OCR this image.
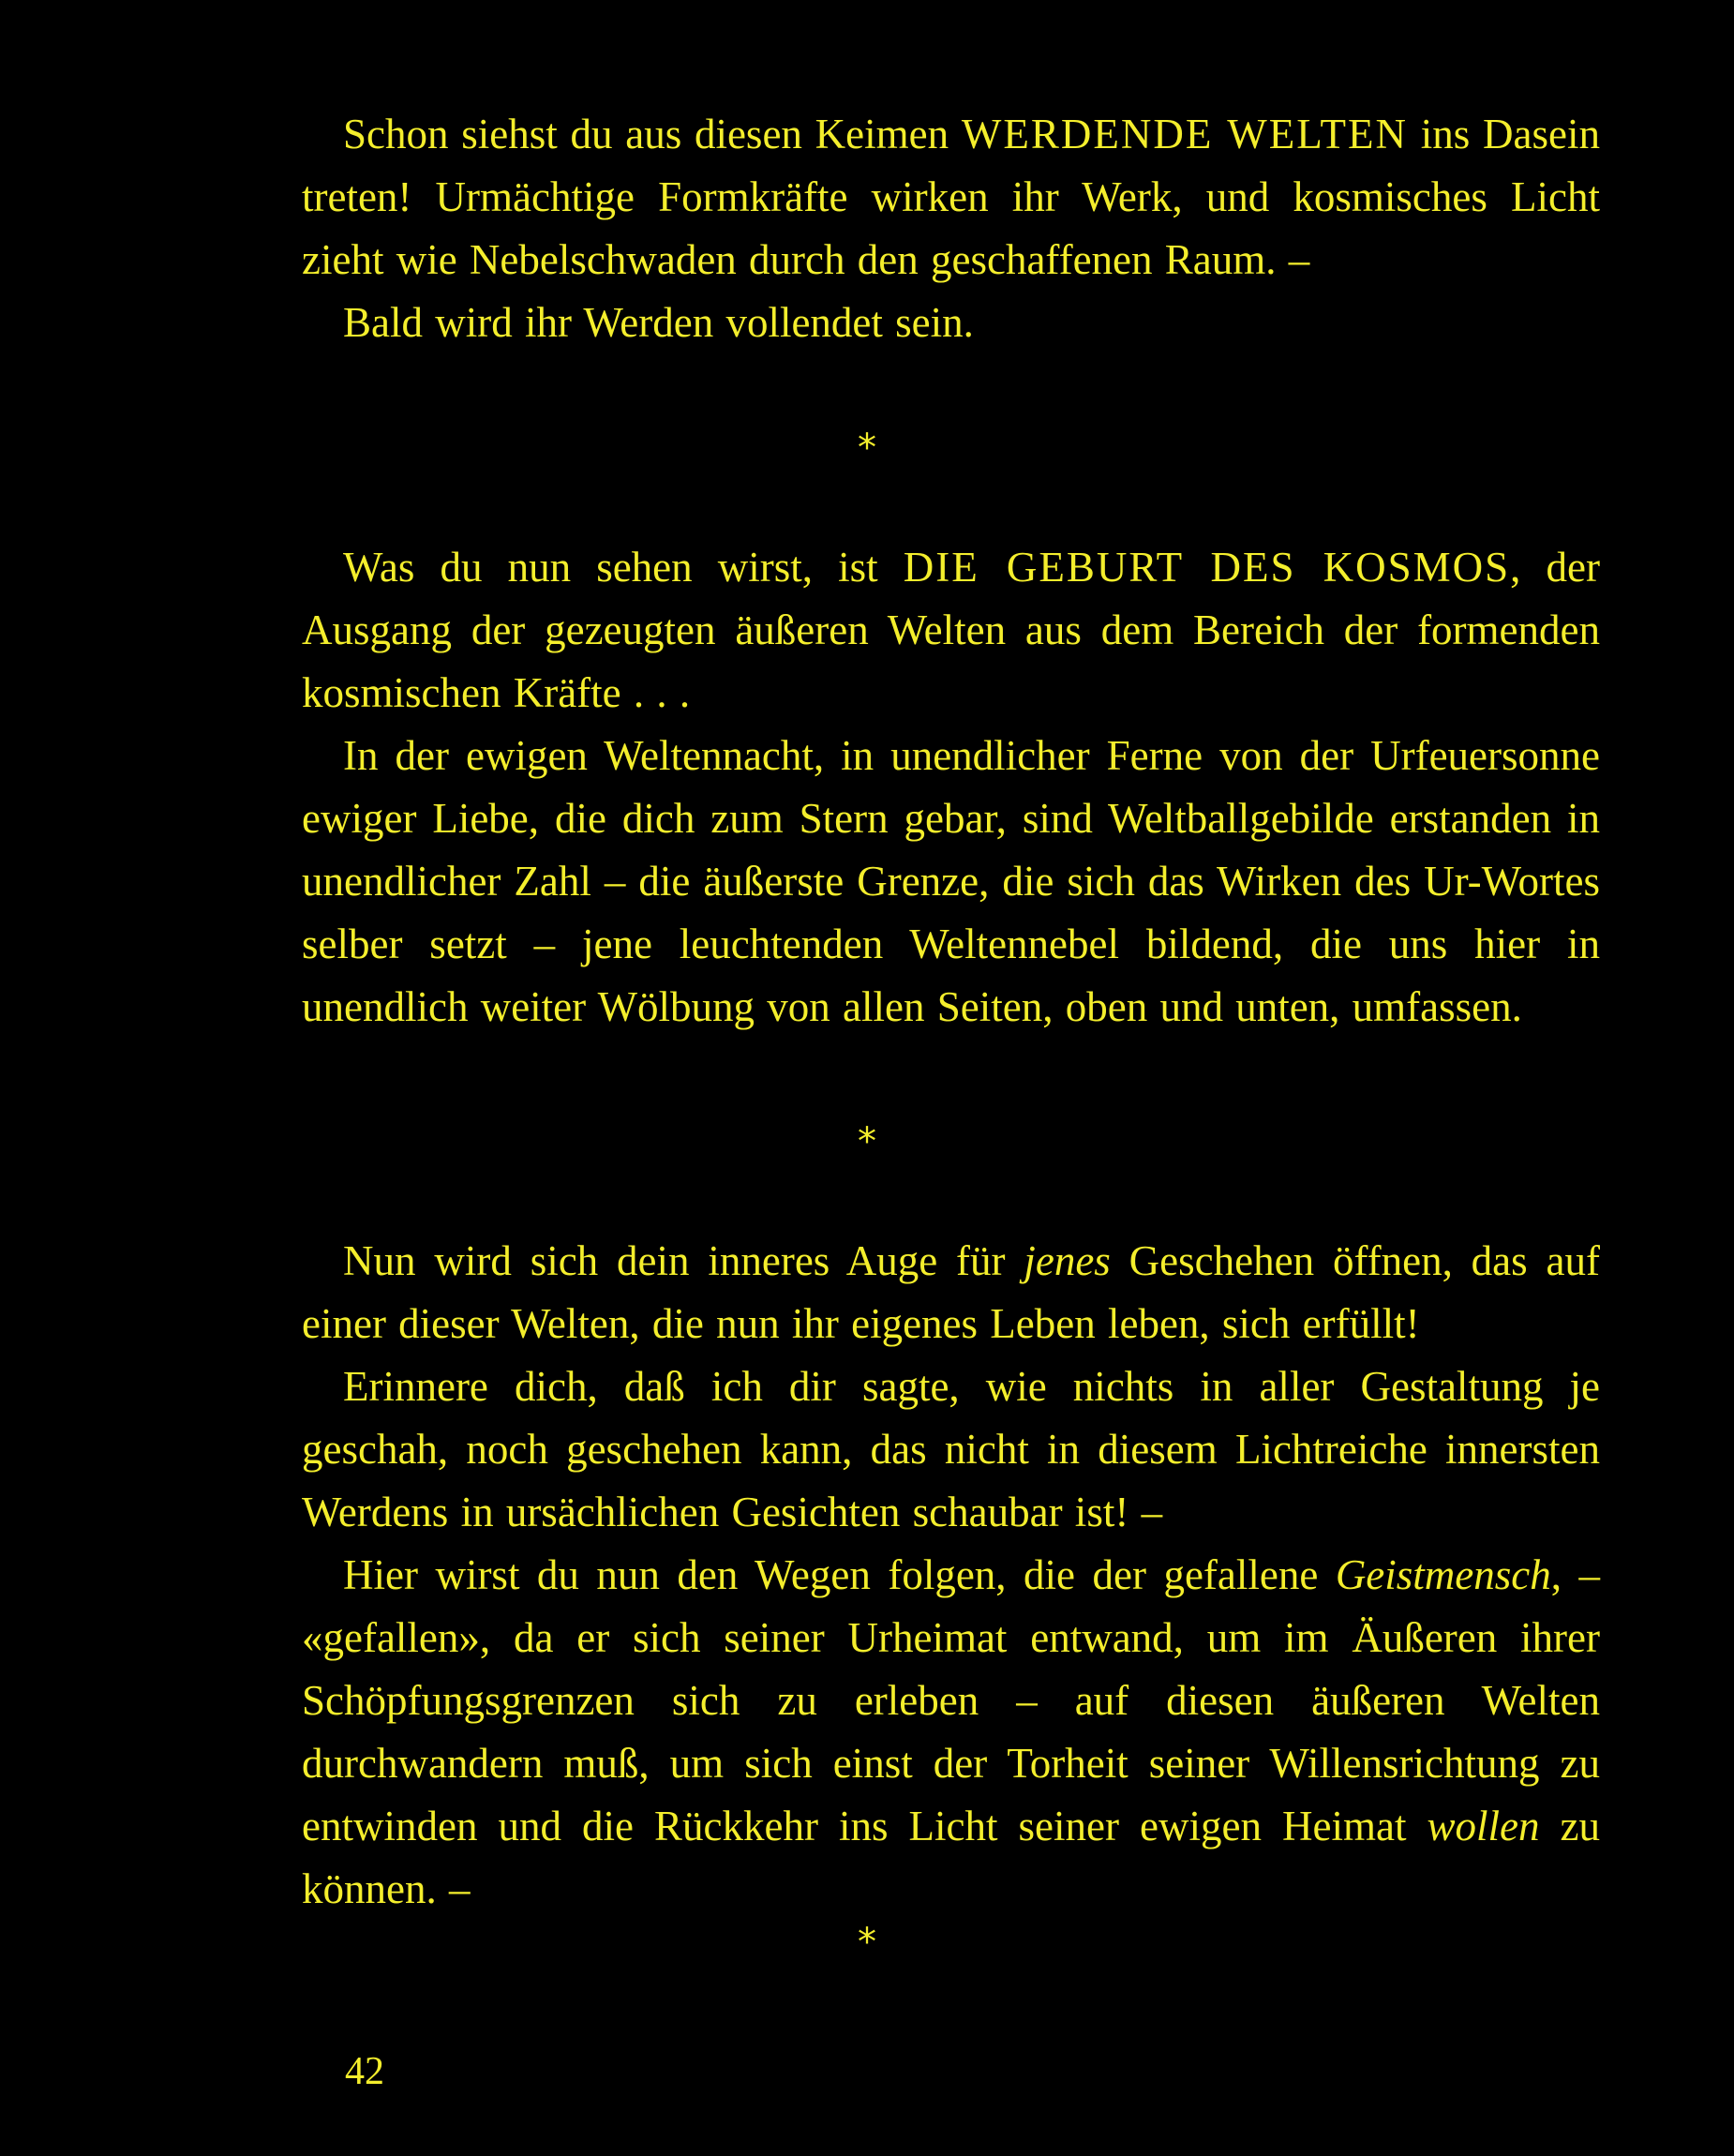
Schon siehst du aus diesen Keimen WERDENDE WELTEN ins Dasein treten! Urmächtige Formkräfte wirken ihr Werk, und kosmisches Licht zieht wie Nebelschwaden durch den geschaffenen Raum. –

Bald wird ihr Werden vollendet sein.

*

Was du nun sehen wirst, ist DIE GEBURT DES KOSMOS, der Ausgang der gezeugten äußeren Welten aus dem Bereich der formenden kosmischen Kräfte . . .

In der ewigen Weltennacht, in unendlicher Ferne von der Urfeuersonne ewiger Liebe, die dich zum Stern gebar, sind Weltballgebilde erstanden in unendlicher Zahl – die äußerste Grenze, die sich das Wirken des Ur-Wortes selber setzt – jene leuchtenden Weltennebel bildend, die uns hier in unendlich weiter Wölbung von allen Seiten, oben und unten, umfassen.

*

Nun wird sich dein inneres Auge für jenes Geschehen öffnen, das auf einer dieser Welten, die nun ihr eigenes Leben leben, sich erfüllt!

Erinnere dich, daß ich dir sagte, wie nichts in aller Gestaltung je geschah, noch geschehen kann, das nicht in diesem Lichtreiche innersten Werdens in ursächlichen Gesichten schaubar ist! –

Hier wirst du nun den Wegen folgen, die der gefallene Geistmensch, – «gefallen», da er sich seiner Urheimat entwand, um im Äußeren ihrer Schöpfungsgrenzen sich zu erleben – auf diesen äußeren Welten durchwandern muß, um sich einst der Torheit seiner Willensrichtung zu entwinden und die Rückkehr ins Licht seiner ewigen Heimat wollen zu können. –

*
42
